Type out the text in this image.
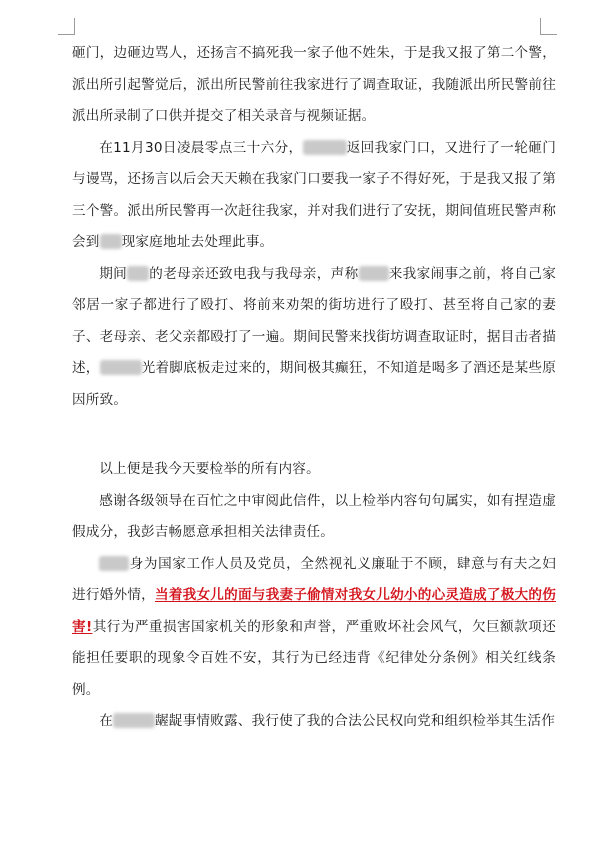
砸门，边砸边骂人，还扬言不搞死我一家子他不姓朱，于是我又报了第二个警，派出所引起警觉后，派出所民警前往我家进行了调查取证，我随派出所民警前往派出所录制了口供并提交了相关录音与视频证据。

在11月30日凌晨零点三十六分，	返回我家门口，又进行了一轮砸门与谩骂，还扬言以后会天天赖在我家门口要我一家子不得好死，于是我又报了第三个警。派出所民警再一次赶往我家，并对我们进行了安抚，期间值班民警声称会到 现家庭地址去处理此事。

期间 的老母亲还致电我与我母亲，声称 来我家闹事之前，将自己家邻居一家子都进行了殴打、将前来劝架的街坊进行了殴打、甚至将自己家的妻子、老母亲、老父亲都殴打了一遍。期间民警来找街坊调查取证时，据目击者描述，	光着脚底板走过来的，期间极其癫狂，不知道是喝多了酒还是某些原因所致。

以上便是我今天要检举的所有内容。

感谢各级领导在百忙之中审阅此信件，以上检举内容句句属实，如有捏造虚假成分，我彭吉畅愿意承担相关法律责任。

身为国家工作人员及党员，全然视礼义廉耻于不顾，肆意与有夫之妇进行婚外情，当着我女儿的面与我妻子偷情对我女儿幼小的心灵造成了极大的伤害!其行为严重损害国家机关的形象和声誉，严重败坏社会风气，欠巨额款项还能担任要职的现象令百姓不安，其行为已经违背《纪律处分条例》相关红线条例。

在	龌龊事情败露、我行使了我的合法公民权向党和组织检举其生活作
